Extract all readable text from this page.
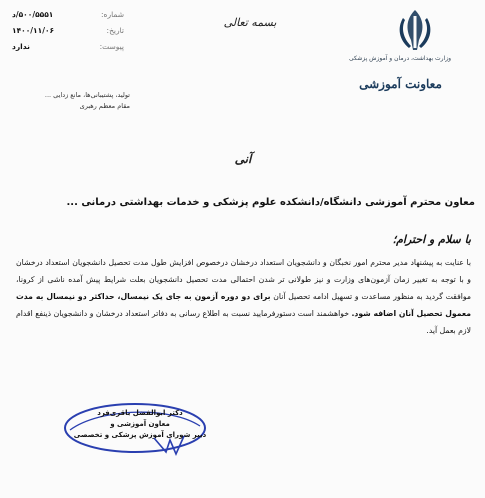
بسمه تعالی
وزارت بهداشت، درمان و آموزش پزشکی
معاونت آموزشی
شماره:
۵۰۰/۵۵۵۱/د
تاریخ:
۱۴۰۰/۱۱/۰۶
پیوست:
ندارد
تولید، پشتیبانی‌ها، مانع زدایی ...
مقام معظم رهبری
آنی
معاون محترم آموزشی دانشگاه/دانشکده علوم پزشکی و خدمات بهداشتی درمانی ...
با سلام و احترام؛
با عنایت به پیشنهاد مدیر محترم امور نخبگان و دانشجویان استعداد درخشان درخصوص افزایش طول مدت تحصیل دانشجویان استعداد درخشان و با توجه به تغییر زمان آزمون‌های وزارت و نیز طولانی تر شدن احتمالی مدت تحصیل دانشجویان بعلت شرایط پیش آمده ناشی از کرونا، موافقت گردید به منظور مساعدت و تسهیل ادامه تحصیل آنان برای دو دوره آزمون به جای یک نیمسال، حداکثر دو نیمسال به مدت معمول تحصیل آنان اضافه شود. خواهشمند است دستورفرمایید نسبت به اطلاع رسانی به دفاتر استعداد درخشان و دانشجویان ذینفع اقدام لازم بعمل آید.
دکتر ابوالفضل باقری‌فرد
معاون آموزشی و
دبیر شورای آموزش پزشکی و تخصصی
